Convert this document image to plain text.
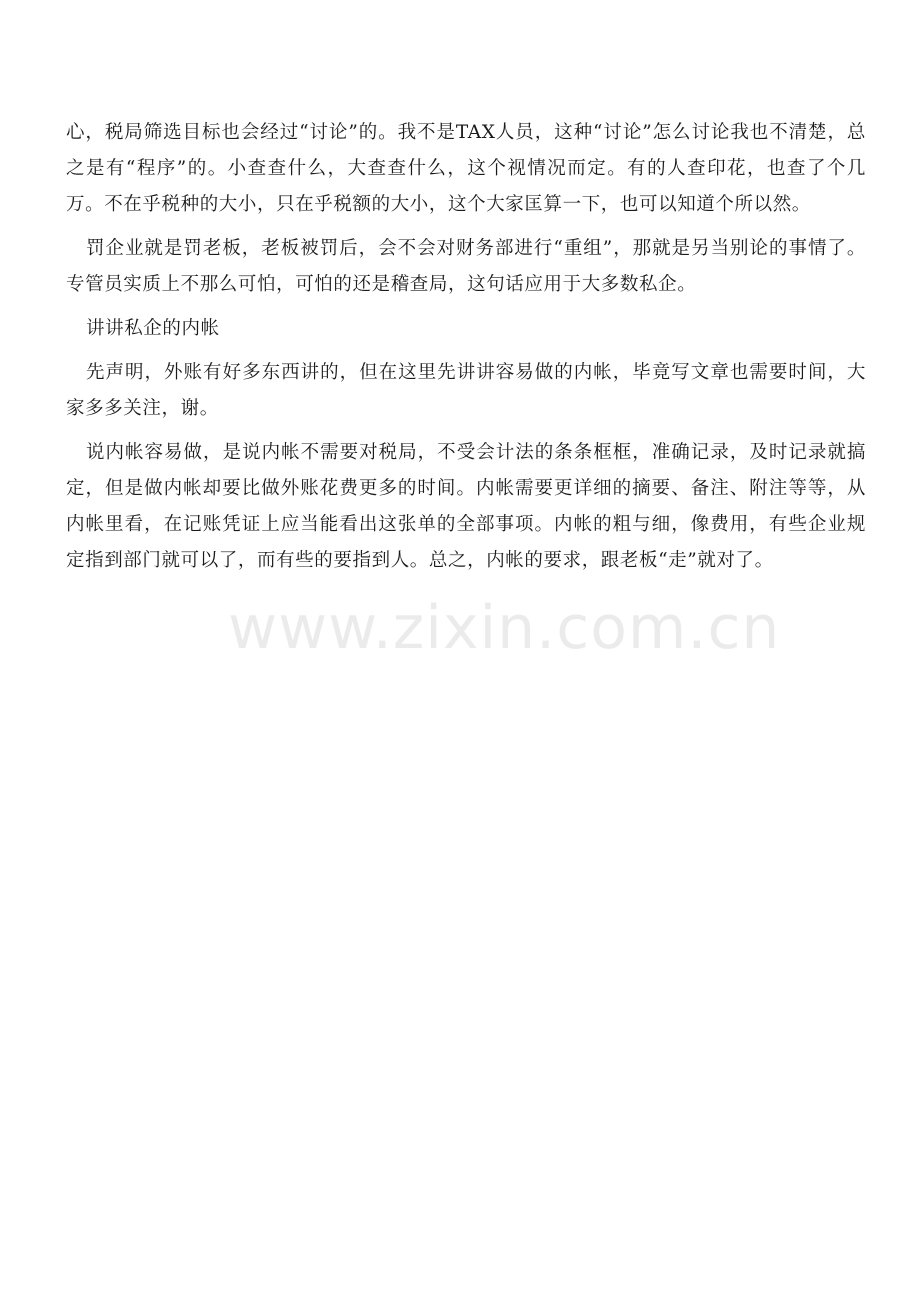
心，税局筛选目标也会经过“讨论”的。我不是TAX人员，这种“讨论”怎么讨论我也不清楚，总之是有“程序”的。小查查什么，大查查什么，这个视情况而定。有的人查印花，也查了个几万。不在乎税种的大小，只在乎税额的大小，这个大家匡算一下，也可以知道个所以然。

罚企业就是罚老板，老板被罚后，会不会对财务部进行“重组”，那就是另当别论的事情了。专管员实质上不那么可怕，可怕的还是稽查局，这句话应用于大多数私企。

讲讲私企的内帐

先声明，外账有好多东西讲的，但在这里先讲讲容易做的内帐，毕竟写文章也需要时间，大家多多关注，谢。

说内帐容易做，是说内帐不需要对税局，不受会计法的条条框框，准确记录，及时记录就搞定，但是做内帐却要比做外账花费更多的时间。内帐需要更详细的摘要、备注、附注等等，从内帐里看，在记账凭证上应当能看出这张单的全部事项。内帐的粗与细，像费用，有些企业规定指到部门就可以了，而有些的要指到人。总之，内帐的要求，跟老板“走”就对了。

www.zixin.com.cn
